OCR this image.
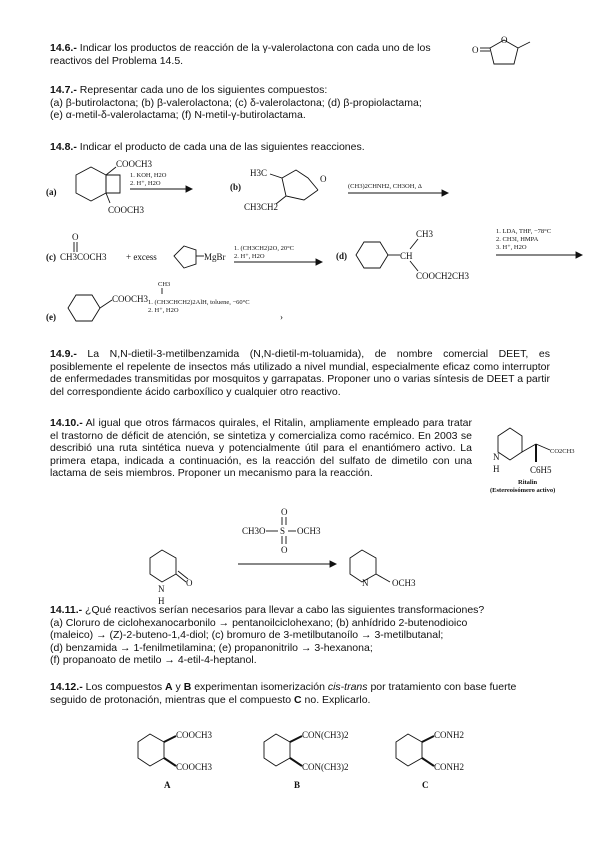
14.6.- Indicar los productos de reacción de la γ-valerolactona con cada uno de los reactivos del Problema 14.5.
O
O
14.7.- Representar cada uno de los siguientes compuestos:
(a) β-butirolactona; (b) β-valerolactona; (c) δ-valerolactona; (d) β-propiolactama;
(e) α-metil-δ-valerolactama; (f) N-metil-γ-butirolactama.
14.8.- Indicar el producto de cada una de las siguientes reacciones.
(a)
COOCH3
COOCH3
1. KOH, H2O
2. H⁺, H2O	(b)
H3C
O
CH3CH2
(CH3)2CHNH2, CH3OH, Δ
(c)
O
CH3COCH3 + excess	MgBr
1. (CH3CH2)2O, 20°C
2. H⁺, H2O	(d)	CH
CH3
COOCH2CH3
1. LDA, THF, −78°C
2. CH3I, HMPA
3. H⁺, H2O
(e)
COOCH3
CH3
1. (CH3CHCH2)2AlH, toluene, −60°C
2. H⁺, H2O
›
14.9.- La N,N-dietil-3-metilbenzamida (N,N-dietil-m-toluamida), de nombre comercial DEET, es posiblemente el repelente de insectos más utilizado a nivel mundial, especialmente eficaz como interruptor de enfermedades transmitidas por mosquitos y garrapatas. Proponer uno o varias síntesis de DEET a partir del correspondiente ácido carboxílico y cualquier otro reactivo.
14.10.- Al igual que otros fármacos quirales, el Ritalin, ampliamente empleado para tratar el trastorno de déficit de atención, se sintetiza y comercializa como racémico. En 2003 se describió una ruta sintética nueva y potencialmente útil para el enantiómero activo. La primera etapa, indicada a continuación, es la reacción del sulfato de dimetilo con una lactama de seis miembros. Proponer un mecanismo para la reacción.
N
H
CO2CH3
C6H5
Ritalin
(Estereoisómero activo)
O
N
H
CH3O S OCH3
O
O
N	OCH3
14.11.- ¿Qué reactivos serían necesarios para llevar a cabo las siguientes transformaciones?
(a) Cloruro de ciclohexanocarbonilo → pentanoilciclohexano; (b) anhídrido 2-butenodioico
(maleico) → (Z)-2-buteno-1,4-diol; (c) bromuro de 3-metilbutanoílo → 3-metilbutanal;
(d) benzamida → 1-fenilmetilamina; (e) propanonitrilo → 3-hexanona;
(f) propanoato de metilo → 4-etil-4-heptanol.
14.12.- Los compuestos A y B experimentan isomerización cis-trans por tratamiento con base fuerte seguido de protonación, mientras que el compuesto C no. Explicarlo.
COOCH3
COOCH3
A
CON(CH3)2
CON(CH3)2
B
CONH2
CONH2
C
